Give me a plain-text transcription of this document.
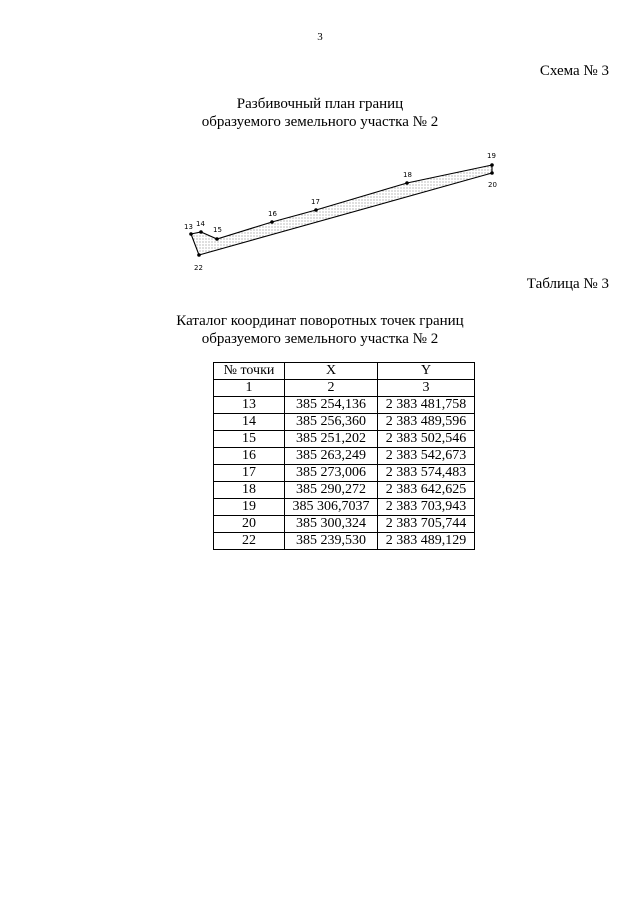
3
Схема № 3
Разбивочный план границ
образуемого земельного участка № 2
13 14
15
16
17
18
19
20
22
Таблица № 3
Каталог координат поворотных точек границ
образуемого земельного участка № 2
№ точки	X	Y
1	2	3
13	385 254,136	2 383 481,758
14	385 256,360	2 383 489,596
15	385 251,202	2 383 502,546
16	385 263,249	2 383 542,673
17	385 273,006	2 383 574,483
18	385 290,272	2 383 642,625
19	385 306,7037	2 383 703,943
20	385 300,324	2 383 705,744
22	385 239,530	2 383 489,129
